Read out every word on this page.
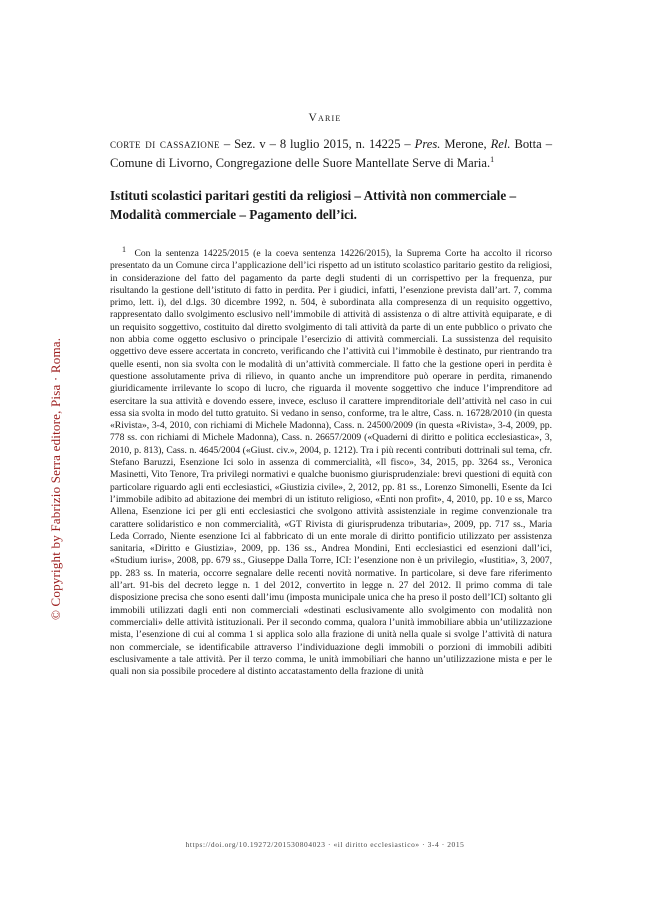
© Copyright by Fabrizio Serra editore, Pisa · Roma.
Varie
corte di cassazione – Sez. v – 8 luglio 2015, n. 14225 – Pres. Merone, Rel. Botta – Comune di Livorno, Congregazione delle Suore Mantellate Serve di Maria.$^1$
Istituti scolastici paritari gestiti da religiosi – Attività non commerciale – Modalità commerciale – Pagamento dell’ici.
$^1$ Con la sentenza 14225/2015 (e la coeva sentenza 14226/2015), la Suprema Corte ha accolto il ricorso presentato da un Comune circa l’applicazione dell’ici rispetto ad un istituto scolastico paritario gestito da religiosi, in considerazione del fatto del pagamento da parte degli studenti di un corrispettivo per la frequenza, pur risultando la gestione dell’istituto di fatto in perdita. Per i giudici, infatti, l’esenzione prevista dall’art. 7, comma primo, lett. i), del d.lgs. 30 dicembre 1992, n. 504, è subordinata alla compresenza di un requisito oggettivo, rappresentato dallo svolgimento esclusivo nell’immobile di attività di assistenza o di altre attività equiparate, e di un requisito soggettivo, costituito dal diretto svolgimento di tali attività da parte di un ente pubblico o privato che non abbia come oggetto esclusivo o principale l’esercizio di attività commerciali. La sussistenza del requisito oggettivo deve essere accertata in concreto, verificando che l’attività cui l’immobile è destinato, pur rientrando tra quelle esenti, non sia svolta con le modalità di un’attività commerciale. Il fatto che la gestione operi in perdita è questione assolutamente priva di rilievo, in quanto anche un imprenditore può operare in perdita, rimanendo giuridicamente irrilevante lo scopo di lucro, che riguarda il movente soggettivo che induce l’imprenditore ad esercitare la sua attività e dovendo essere, invece, escluso il carattere imprenditoriale dell’attività nel caso in cui essa sia svolta in modo del tutto gratuito. Si vedano in senso, conforme, tra le altre, Cass. n. 16728/2010 (in questa «Rivista», 3-4, 2010, con richiami di Michele Madonna), Cass. n. 24500/2009 (in questa «Rivista», 3-4, 2009, pp. 778 ss. con richiami di Michele Madonna), Cass. n. 26657/2009 («Quaderni di diritto e politica ecclesiastica», 3, 2010, p. 813), Cass. n. 4645/2004 («Giust. civ.», 2004, p. 1212). Tra i più recenti contributi dottrinali sul tema, cfr. Stefano Baruzzi, Esenzione Ici solo in assenza di commercialità, «Il fisco», 34, 2015, pp. 3264 ss., Veronica Masinetti, Vito Tenore, Tra privilegi normativi e qualche buonismo giurisprudenziale: brevi questioni di equità con particolare riguardo agli enti ecclesiastici, «Giustizia civile», 2, 2012, pp. 81 ss., Lorenzo Simonelli, Esente da Ici l’immobile adibito ad abitazione dei membri di un istituto religioso, «Enti non profit», 4, 2010, pp. 10 e ss, Marco Allena, Esenzione ici per gli enti ecclesiastici che svolgono attività assistenziale in regime convenzionale tra carattere solidaristico e non commercialità, «GT Rivista di giurisprudenza tributaria», 2009, pp. 717 ss., Maria Leda Corrado, Niente esenzione Ici al fabbricato di un ente morale di diritto pontificio utilizzato per assistenza sanitaria, «Diritto e Giustizia», 2009, pp. 136 ss., Andrea Mondini, Enti ecclesiastici ed esenzioni dall’ici, «Studium iuris», 2008, pp. 679 ss., Giuseppe Dalla Torre, ICI: l’esenzione non è un privilegio, «Iustitia», 3, 2007, pp. 283 ss. In materia, occorre segnalare delle recenti novità normative. In particolare, si deve fare riferimento all’art. 91-bis del decreto legge n. 1 del 2012, convertito in legge n. 27 del 2012. Il primo comma di tale disposizione precisa che sono esenti dall’imu (imposta municipale unica che ha preso il posto dell’ICI) soltanto gli immobili utilizzati dagli enti non commerciali «destinati esclusivamente allo svolgimento con modalità non commerciali» delle attività istituzionali. Per il secondo comma, qualora l’unità immobiliare abbia un’utilizzazione mista, l’esenzione di cui al comma 1 si applica solo alla frazione di unità nella quale si svolge l’attività di natura non commerciale, se identificabile attraverso l’individuazione degli immobili o porzioni di immobili adibiti esclusivamente a tale attività. Per il terzo comma, le unità immobiliari che hanno un’utilizzazione mista e per le quali non sia possibile procedere al distinto accatastamento della frazione di unità
https://doi.org/10.19272/201530804023 · «il diritto ecclesiastico» · 3-4 · 2015
